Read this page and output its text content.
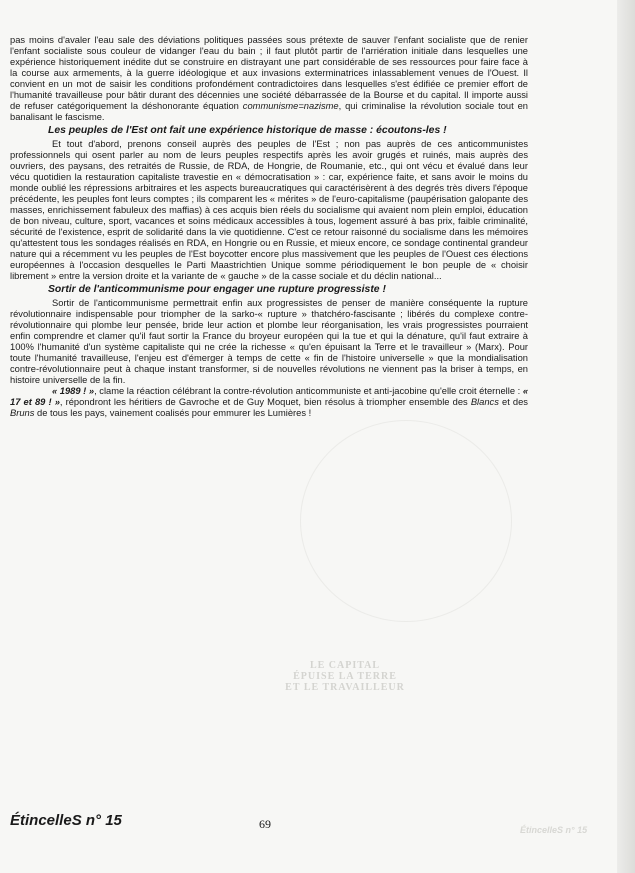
LE CAPITAL
ÉPUISE LA TERRE
ET LE TRAVAILLEUR

pas moins d'avaler l'eau sale des déviations politiques passées sous prétexte de sauver l'enfant socialiste que de renier l'enfant socialiste sous couleur de vidanger l'eau du bain ; il faut plutôt partir de l'arriération initiale dans lesquelles une expérience historiquement inédite dut se construire en distrayant une part considérable de ses ressources pour faire face à la course aux armements, à la guerre idéologique et aux invasions exterminatrices inlassablement venues de l'Ouest. Il convient en un mot de saisir les conditions profondément contradictoires dans lesquelles s'est édifiée ce premier effort de l'humanité travailleuse pour bâtir durant des décennies une société débarrassée de la Bourse et du capital. Il importe aussi de refuser catégoriquement la déshonorante équation communisme=nazisme, qui criminalise la révolution sociale tout en banalisant le fascisme.

Les peuples de l'Est ont fait une expérience historique de masse : écoutons-les !

Et tout d'abord, prenons conseil auprès des peuples de l'Est ; non pas auprès de ces anticommunistes professionnels qui osent parler au nom de leurs peuples respectifs après les avoir grugés et ruinés, mais auprès des ouvriers, des paysans, des retraités de Russie, de RDA, de Hongrie, de Roumanie, etc., qui ont vécu et évalué dans leur vécu quotidien la restauration capitaliste travestie en « démocratisation » : car, expérience faite, et sans avoir le moins du monde oublié les répressions arbitraires et les aspects bureaucratiques qui caractérisèrent à des degrés très divers l'époque précédente, les peuples font leurs comptes ; ils comparent les « mérites » de l'euro-capitalisme (paupérisation galopante des masses, enrichissement fabuleux des maffias) à ces acquis bien réels du socialisme qui avaient nom plein emploi, éducation de bon niveau, culture, sport, vacances et soins médicaux accessibles à tous, logement assuré à bas prix, faible criminalité, sécurité de l'existence, esprit de solidarité dans la vie quotidienne. C'est ce retour raisonné du socialisme dans les mémoires qu'attestent tous les sondages réalisés en RDA, en Hongrie ou en Russie, et mieux encore, ce sondage continental grandeur nature qui a récemment vu les peuples de l'Est boycotter encore plus massivement que les peuples de l'Ouest ces élections européennes à l'occasion desquelles le Parti Maastrichtien Unique somme périodiquement le bon peuple de « choisir librement » entre la version droite et la variante de « gauche » de la casse sociale et du déclin national...

Sortir de l'anticommunisme pour engager une rupture progressiste !

Sortir de l'anticommunisme permettrait enfin aux progressistes de penser de manière conséquente la rupture révolutionnaire indispensable pour triompher de la sarko-« rupture » thatchéro-fascisante ; libérés du complexe contre-révolutionnaire qui plombe leur pensée, bride leur action et plombe leur réorganisation, les vrais progressistes pourraient enfin comprendre et clamer qu'il faut sortir la France du broyeur européen qui la tue et qui la dénature, qu'il faut extraire à 100% l'humanité d'un système capitaliste qui ne crée la richesse « qu'en épuisant la Terre et le travailleur » (Marx). Pour toute l'humanité travailleuse, l'enjeu est d'émerger à temps de cette « fin de l'histoire universelle » que la mondialisation contre-révolutionnaire peut à chaque instant transformer, si de nouvelles révolutions ne viennent pas la briser à temps, en histoire universelle de la fin.

« 1989 ! », clame la réaction célébrant la contre-révolution anticommuniste et anti-jacobine qu'elle croit éternelle : « 17 et 89 ! », répondront les héritiers de Gavroche et de Guy Moquet, bien résolus à triompher ensemble des Blancs et des Bruns de tous les pays, vainement coalisés pour emmurer les Lumières !

ÉtincelleS n° 15	69	ÉtincelleS n° 15
